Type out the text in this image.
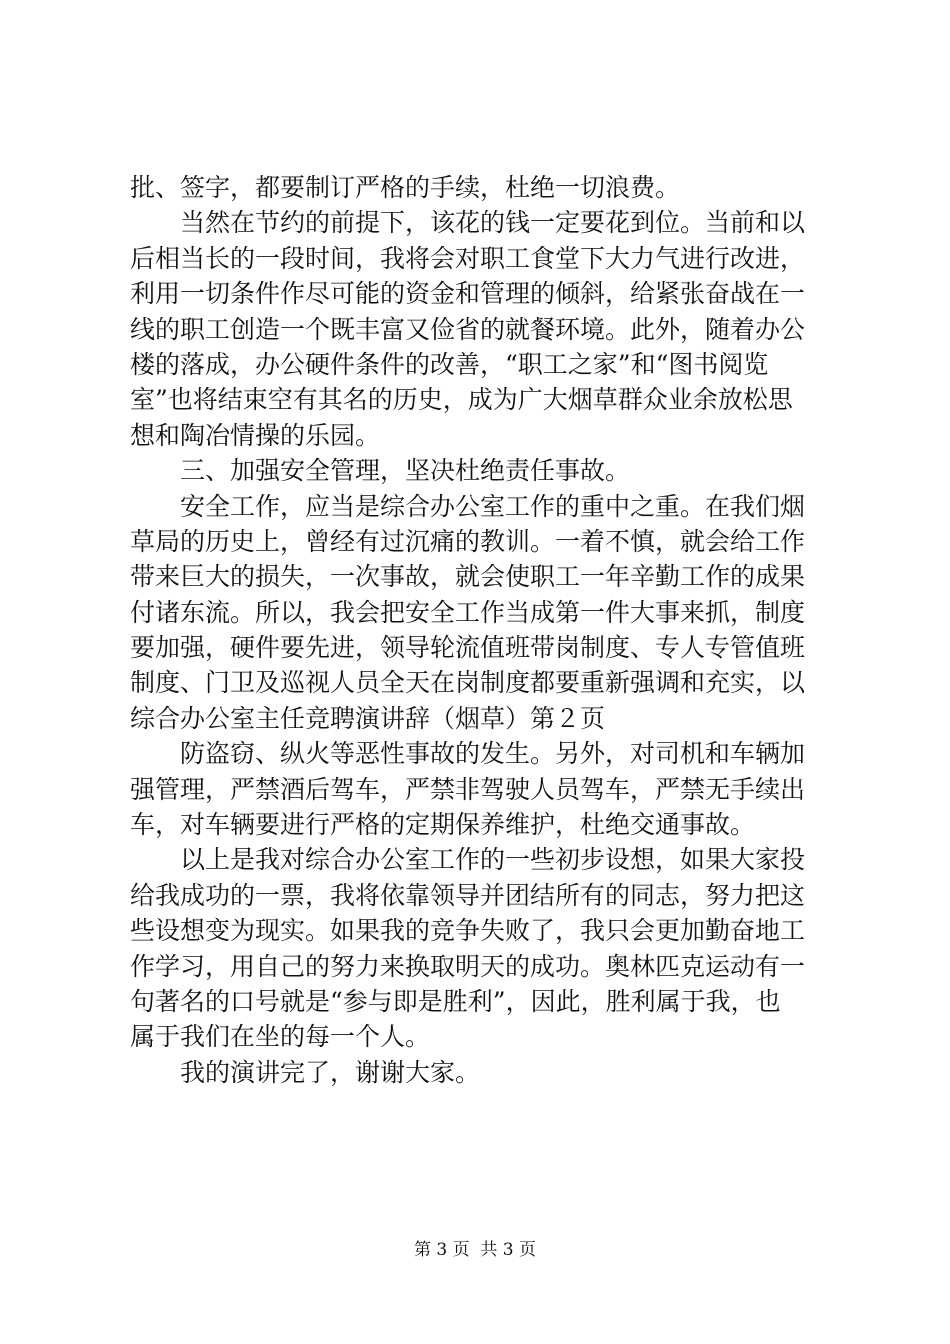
批、签字，都要制订严格的手续，杜绝一切浪费。
当然在节约的前提下，该花的钱一定要花到位。当前和以
后相当长的一段时间，我将会对职工食堂下大力气进行改进，
利用一切条件作尽可能的资金和管理的倾斜，给紧张奋战在一
线的职工创造一个既丰富又俭省的就餐环境。此外，随着办公
楼的落成，办公硬件条件的改善，“职工之家”和“图书阅览
室”也将结束空有其名的历史，成为广大烟草群众业余放松思
想和陶冶情操的乐园。
三、加强安全管理，坚决杜绝责任事故。
安全工作，应当是综合办公室工作的重中之重。在我们烟
草局的历史上，曾经有过沉痛的教训。一着不慎，就会给工作
带来巨大的损失，一次事故，就会使职工一年辛勤工作的成果
付诸东流。所以，我会把安全工作当成第一件大事来抓，制度
要加强，硬件要先进，领导轮流值班带岗制度、专人专管值班
制度、门卫及巡视人员全天在岗制度都要重新强调和充实，以
综合办公室主任竞聘演讲辞（烟草）第２页
防盗窃、纵火等恶性事故的发生。另外，对司机和车辆加
强管理，严禁酒后驾车，严禁非驾驶人员驾车，严禁无手续出
车，对车辆要进行严格的定期保养维护，杜绝交通事故。
以上是我对综合办公室工作的一些初步设想，如果大家投
给我成功的一票，我将依靠领导并团结所有的同志，努力把这
些设想变为现实。如果我的竞争失败了，我只会更加勤奋地工
作学习，用自己的努力来换取明天的成功。奥林匹克运动有一
句著名的口号就是“参与即是胜利”，因此，胜利属于我，也
属于我们在坐的每一个人。
我的演讲完了，谢谢大家。
第 3 页  共 3 页
